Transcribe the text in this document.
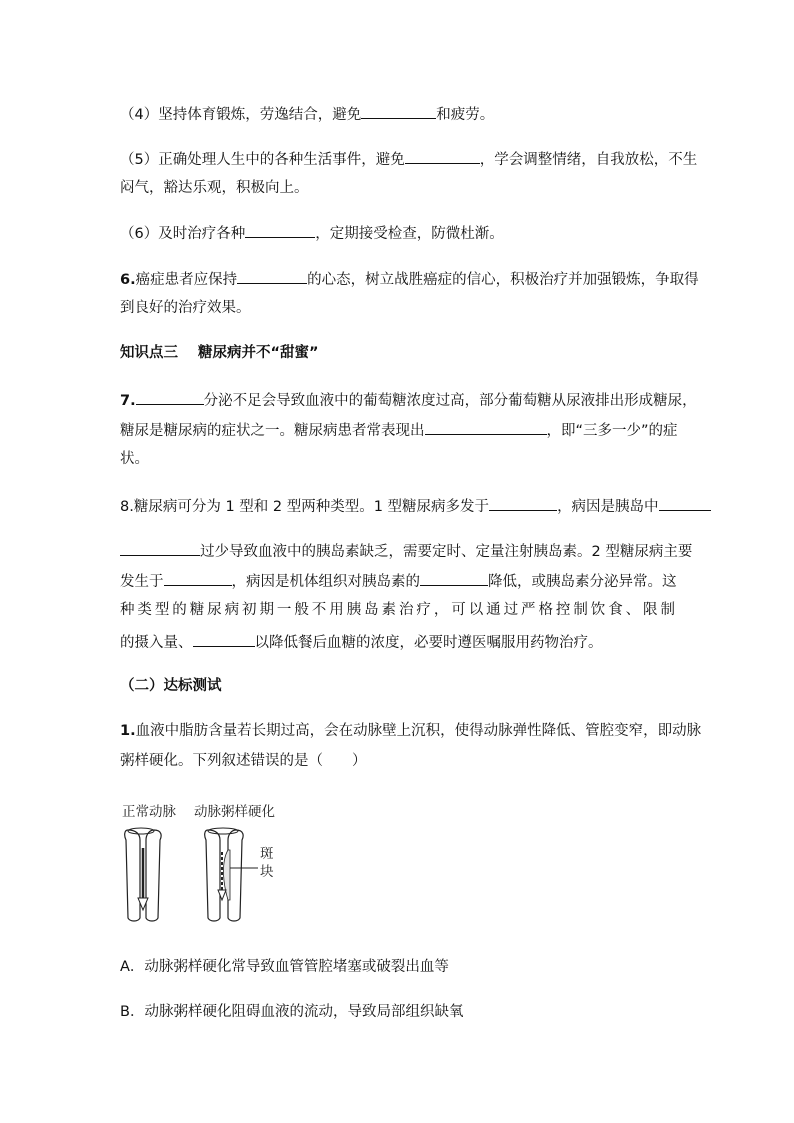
（4）坚持体育锻炼，劳逸结合，避免	和疲劳。
（5）正确处理人生中的各种生活事件，避免	，学会调整情绪，自我放松，不生
闷气，豁达乐观，积极向上。
（6）及时治疗各种	，定期接受检查，防微杜渐。
6.癌症患者应保持	的心态，树立战胜癌症的信心，积极治疗并加强锻炼，争取得
到良好的治疗效果。
知识点三 糖尿病并不“甜蜜”
7.	分泌不足会导致血液中的葡萄糖浓度过高，部分葡萄糖从尿液排出形成糖尿，
糖尿是糖尿病的症状之一。糖尿病患者常表现出	，即“三多一少”的症
状。
8.糖尿病可分为 1 型和 2 型两种类型。1 型糖尿病多发于	，病因是胰岛中
过少导致血液中的胰岛素缺乏，需要定时、定量注射胰岛素。2 型糖尿病主要
发生于	，病因是机体组织对胰岛素的	降低，或胰岛素分泌异常。这
种类型的糖尿病初期一般不用胰岛素治疗，可以通过严格控制饮食、限制
的摄入量、	以降低餐后血糖的浓度，必要时遵医嘱服用药物治疗。
（二）达标测试
1.血液中脂肪含量若长期过高，会在动脉壁上沉积，使得动脉弹性降低、管腔变窄，即动脉
粥样硬化。下列叙述错误的是（　　）
正常动脉 动脉粥样硬化
斑
块
A．动脉粥样硬化常导致血管管腔堵塞或破裂出血等
B．动脉粥样硬化阻碍血液的流动，导致局部组织缺氧
